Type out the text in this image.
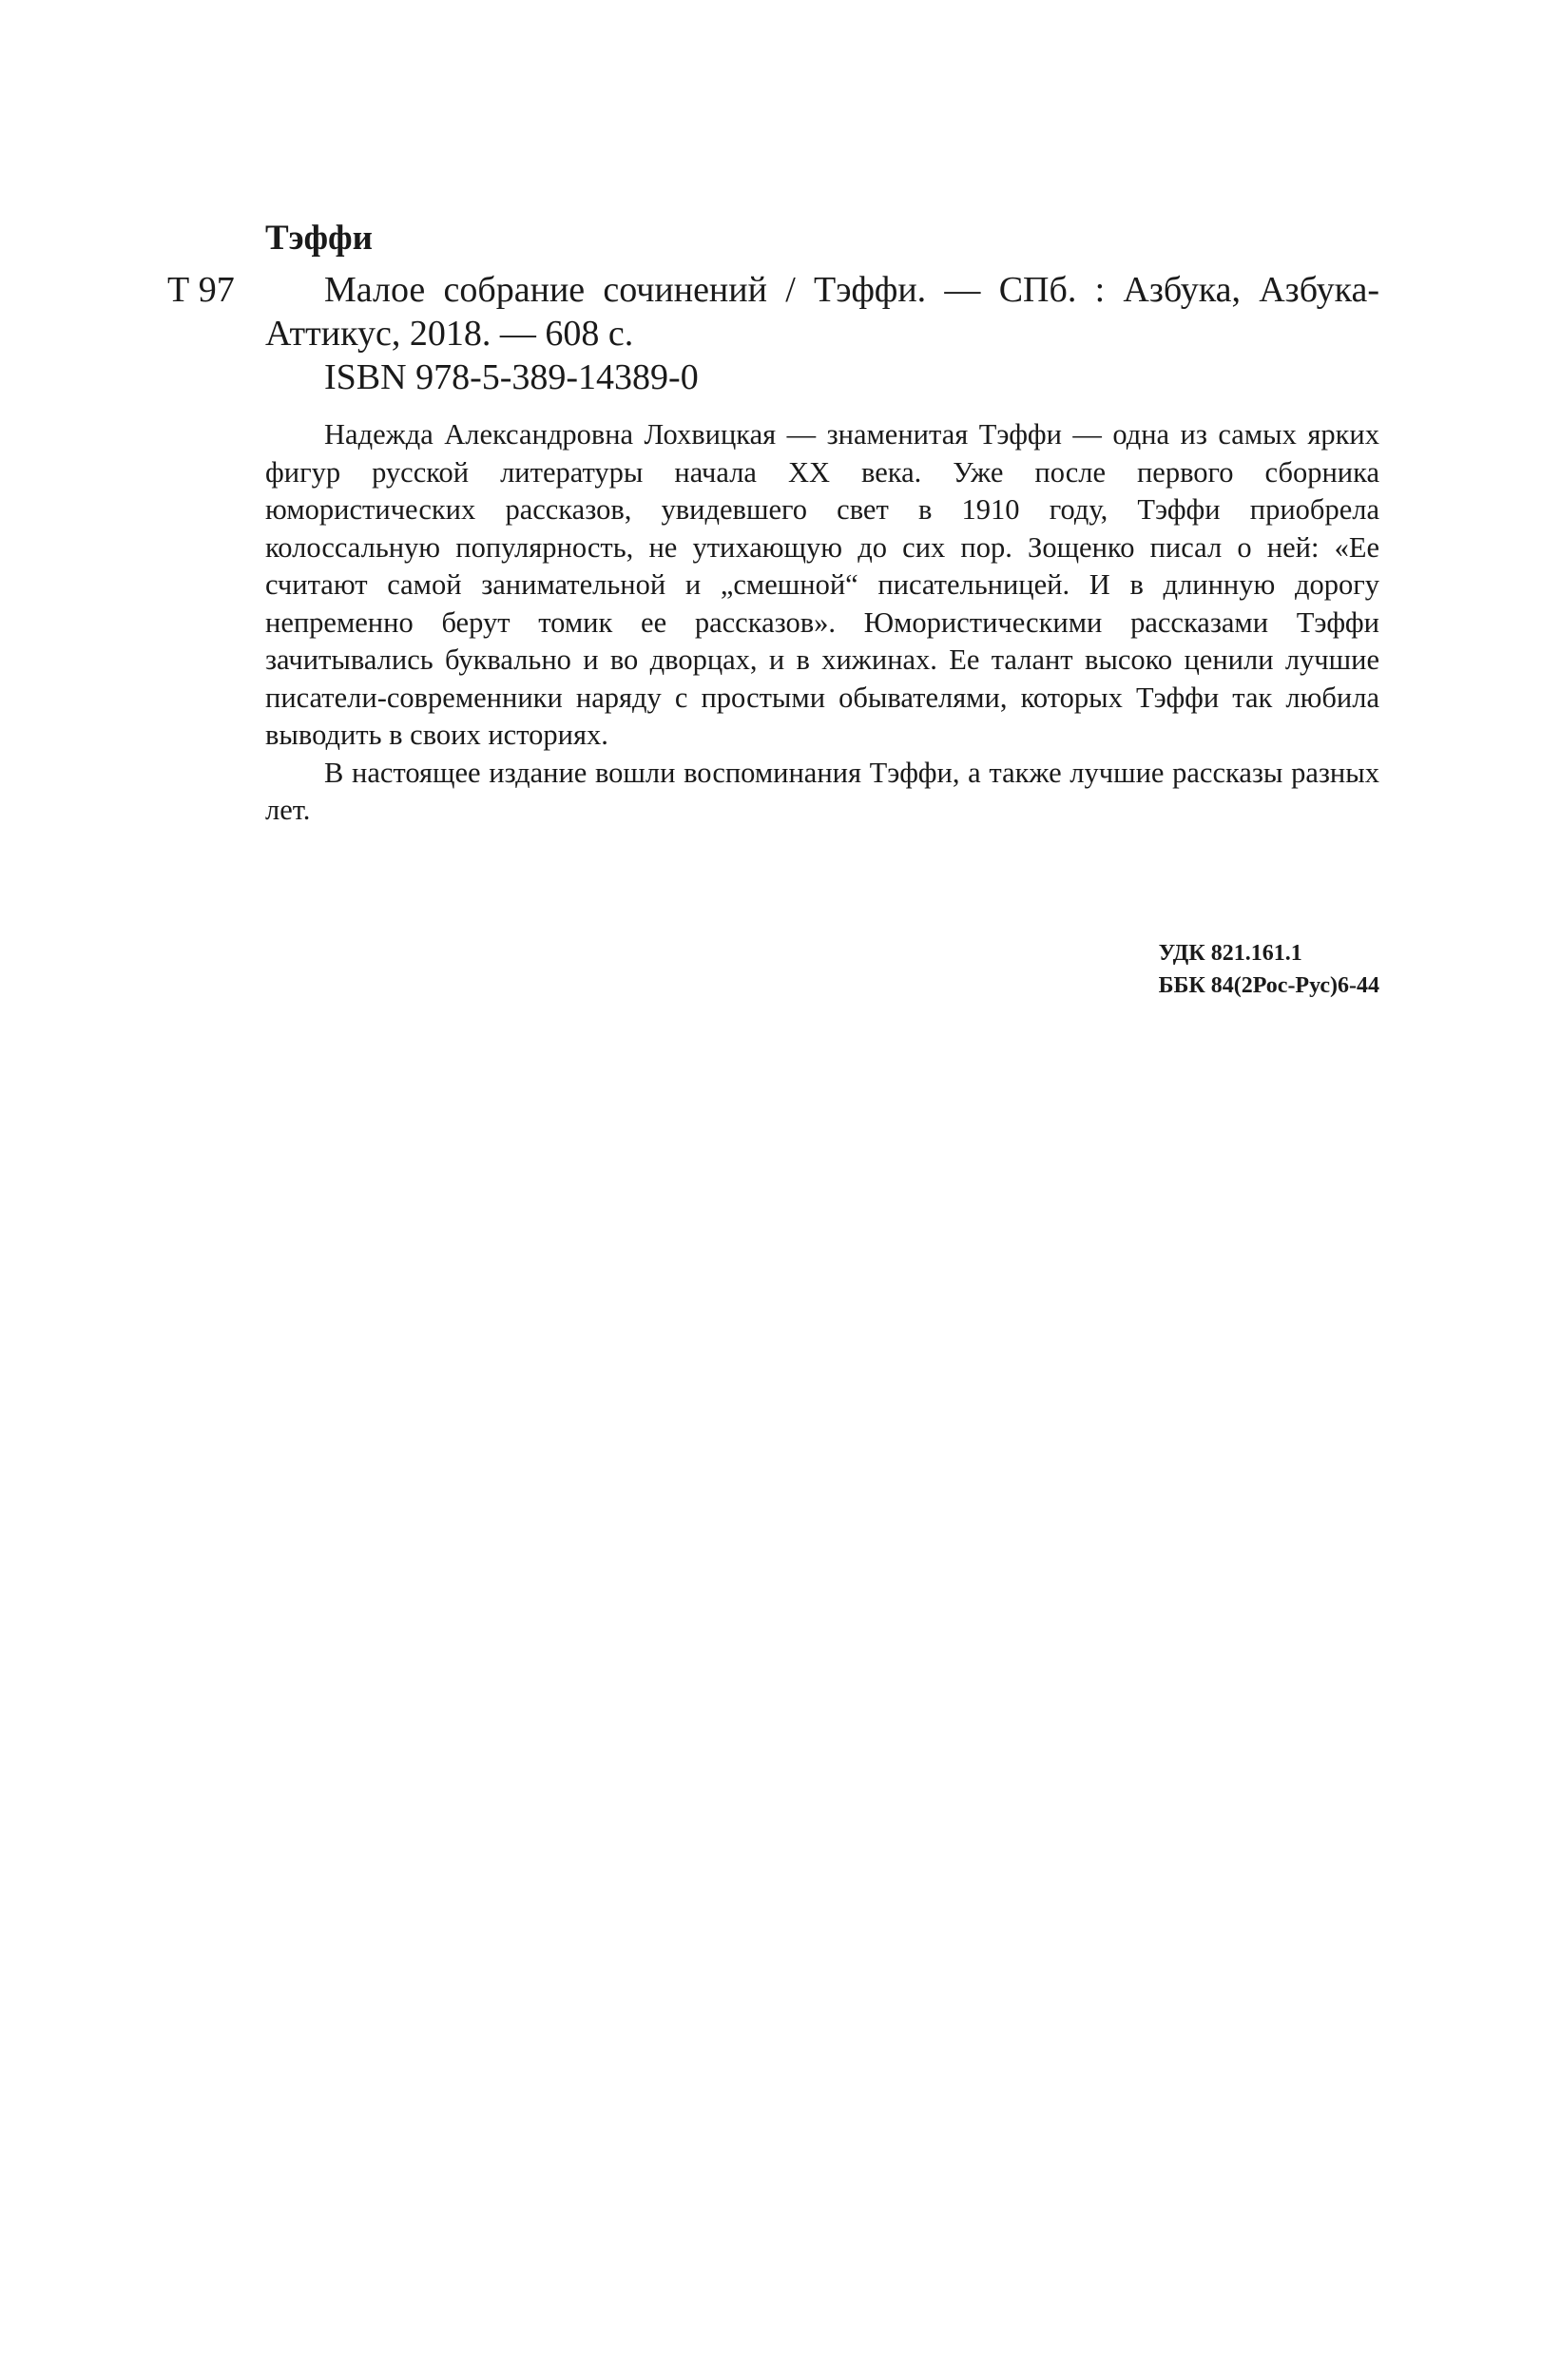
Тэффи

Т 97	Малое собрание сочинений / Тэффи. — СПб. : Азбука, Азбука-Аттикус, 2018. — 608 с.

ISBN 978-5-389-14389-0

Надежда Александровна Лохвицкая — знаменитая Тэффи — одна из самых ярких фигур русской литературы начала XX века. Уже после первого сборника юмористических рассказов, увидевшего свет в 1910 году, Тэффи приобрела колоссальную популярность, не утихающую до сих пор. Зощенко писал о ней: «Ее считают самой занимательной и „смешной“ писательницей. И в длинную дорогу непременно берут томик ее рассказов». Юмористическими рассказами Тэффи зачитывались буквально и во дворцах, и в хижинах. Ее талант высоко ценили лучшие писатели-современники наряду с простыми обывателями, которых Тэффи так любила выводить в своих историях.

В настоящее издание вошли воспоминания Тэффи, а также лучшие рассказы разных лет.

УДК 821.161.1
ББК 84(2Рос-Рус)6-44
